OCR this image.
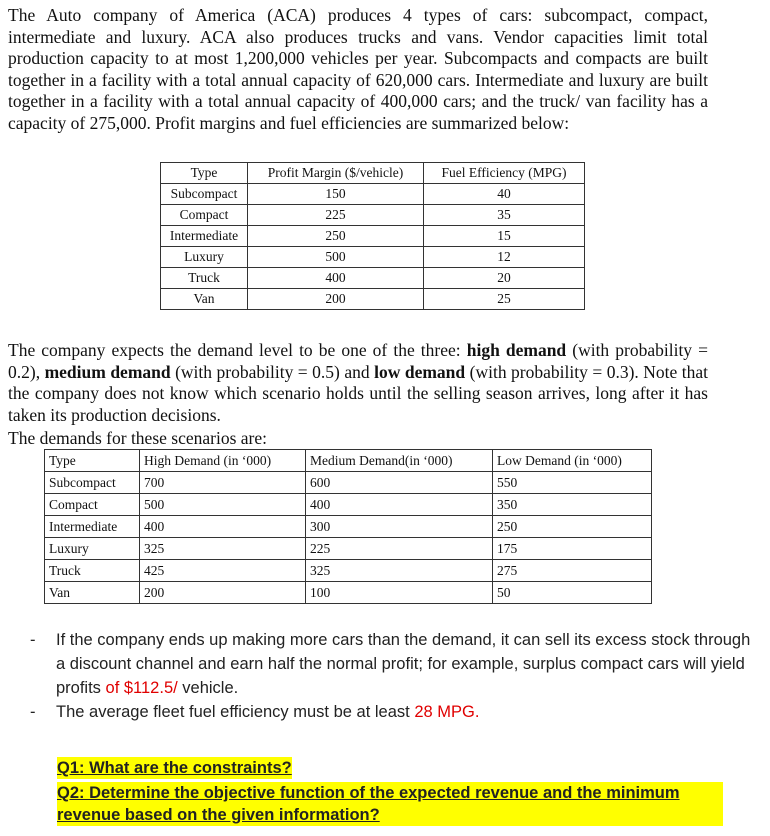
The Auto company of America (ACA) produces 4 types of cars: subcompact, compact, intermediate and luxury. ACA also produces trucks and vans. Vendor capacities limit total production capacity to at most 1,200,000 vehicles per year. Subcompacts and compacts are built together in a facility with a total annual capacity of 620,000 cars. Intermediate and luxury are built together in a facility with a total annual capacity of 400,000 cars; and the truck/ van facility has a capacity of 275,000. Profit margins and fuel efficiencies are summarized below:
Type	Profit Margin ($/vehicle)	Fuel Efficiency (MPG)
Subcompact	150	40
Compact	225	35
Intermediate	250	15
Luxury	500	12
Truck	400	20
Van	200	25
The company expects the demand level to be one of the three: high demand (with probability = 0.2), medium demand (with probability = 0.5) and low demand (with probability = 0.3). Note that the company does not know which scenario holds until the selling season arrives, long after it has taken its production decisions.
The demands for these scenarios are:
Type	High Demand (in ‘000)	Medium Demand(in ‘000)	Low Demand (in ‘000)
Subcompact	700	600	550
Compact	500	400	350
Intermediate	400	300	250
Luxury	325	225	175
Truck	425	325	275
Van	200	100	50
- If the company ends up making more cars than the demand, it can sell its excess stock through a discount channel and earn half the normal profit; for example, surplus compact cars will yield profits of $112.5/ vehicle.
- The average fleet fuel efficiency must be at least 28 MPG.
Q1: What are the constraints?
Q2: Determine the objective function of the expected revenue and the minimum revenue based on the given information?
